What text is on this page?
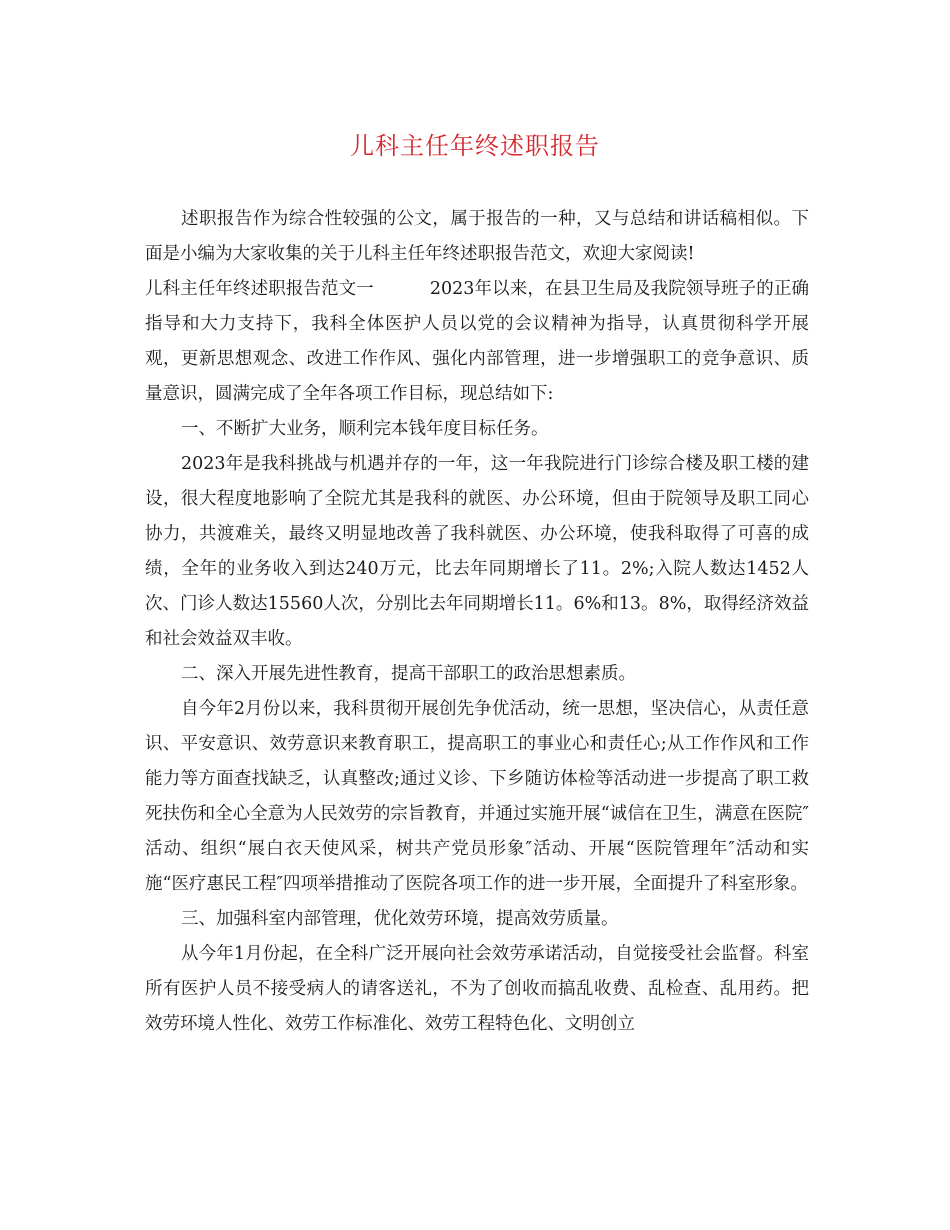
儿科主任年终述职报告

述职报告作为综合性较强的公文，属于报告的一种，又与总结和讲话稿相似。下面是小编为大家收集的关于儿科主任年终述职报告范文，欢迎大家阅读!

儿科主任年终述职报告范文一	2023年以来，在县卫生局及我院领导班子的正确指导和大力支持下，我科全体医护人员以党的会议精神为指导，认真贯彻科学开展观，更新思想观念、改进工作作风、强化内部管理，进一步增强职工的竞争意识、质量意识，圆满完成了全年各项工作目标，现总结如下:

一、不断扩大业务，顺利完本钱年度目标任务。

2023年是我科挑战与机遇并存的一年，这一年我院进行门诊综合楼及职工楼的建设，很大程度地影响了全院尤其是我科的就医、办公环境，但由于院领导及职工同心协力，共渡难关，最终又明显地改善了我科就医、办公环境，使我科取得了可喜的成绩，全年的业务收入到达240万元，比去年同期增长了11。2%;入院人数达1452人次、门诊人数达15560人次，分别比去年同期增长11。6%和13。8%，取得经济效益和社会效益双丰收。

二、深入开展先进性教育，提高干部职工的政治思想素质。

自今年2月份以来，我科贯彻开展创先争优活动，统一思想，坚决信心，从责任意识、平安意识、效劳意识来教育职工，提高职工的事业心和责任心;从工作作风和工作能力等方面查找缺乏，认真整改;通过义诊、下乡随访体检等活动进一步提高了职工救死扶伤和全心全意为人民效劳的宗旨教育，并通过实施开展“诚信在卫生，满意在医院″活动、组织“展白衣天使风采，树共产党员形象″活动、开展“医院管理年″活动和实施“医疗惠民工程″四项举措推动了医院各项工作的进一步开展，全面提升了科室形象。

三、加强科室内部管理，优化效劳环境，提高效劳质量。

从今年1月份起，在全科广泛开展向社会效劳承诺活动，自觉接受社会监督。科室所有医护人员不接受病人的请客送礼，不为了创收而搞乱收费、乱检查、乱用药。把效劳环境人性化、效劳工作标准化、效劳工程特色化、文明创立
